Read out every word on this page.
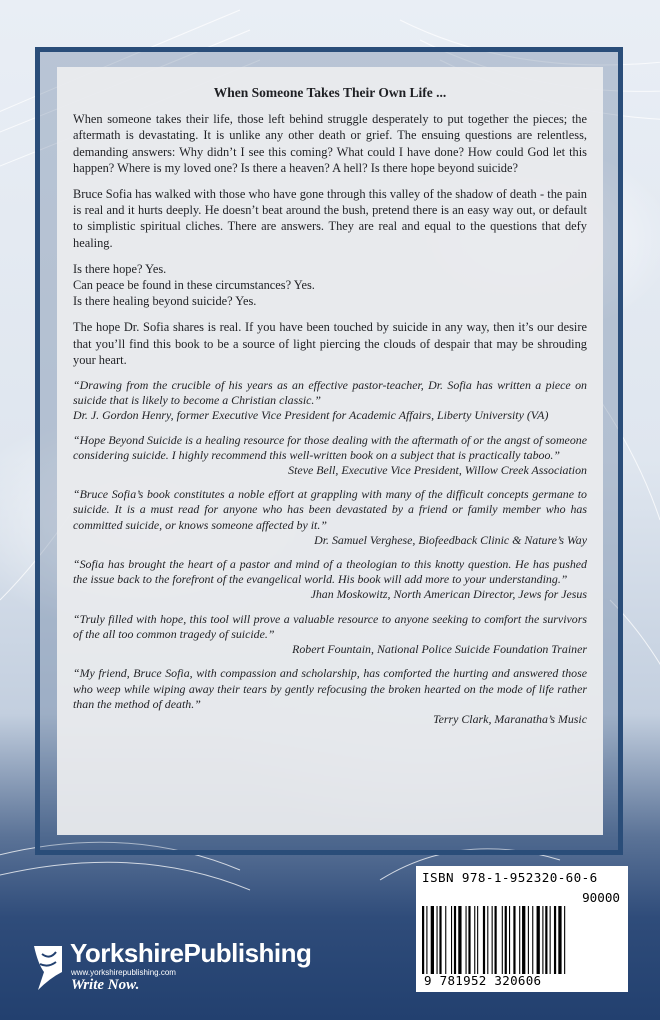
When Someone Takes Their Own Life ...

When someone takes their life, those left behind struggle desperately to put together the pieces; the aftermath is devastating. It is unlike any other death or grief. The ensuing questions are relentless, demanding answers: Why didn’t I see this coming? What could I have done? How could God let this happen? Where is my loved one? Is there a heaven? A hell? Is there hope beyond suicide?

Bruce Sofia has walked with those who have gone through this valley of the shadow of death - the pain is real and it hurts deeply. He doesn’t beat around the bush, pretend there is an easy way out, or default to simplistic spiritual cliches. There are answers. They are real and equal to the questions that defy healing.

Is there hope? Yes.
Can peace be found in these circumstances? Yes.
Is there healing beyond suicide? Yes.

The hope Dr. Sofia shares is real. If you have been touched by suicide in any way, then it’s our desire that you’ll find this book to be a source of light piercing the clouds of despair that may be shrouding your heart.

“Drawing from the crucible of his years as an effective pastor-teacher, Dr. Sofia has written a piece on suicide that is likely to become a Christian classic.”
Dr. J. Gordon Henry, former Executive Vice President for Academic Affairs, Liberty University (VA)
“Hope Beyond Suicide is a healing resource for those dealing with the aftermath of or the angst of someone considering suicide. I highly recommend this well-written book on a subject that is practically taboo.”
Steve Bell, Executive Vice President, Willow Creek Association
“Bruce Sofia’s book constitutes a noble effort at grappling with many of the difficult concepts germane to suicide. It is a must read for anyone who has been devastated by a friend or family member who has committed suicide, or knows someone affected by it.”
Dr. Samuel Verghese, Biofeedback Clinic & Nature’s Way
“Sofia has brought the heart of a pastor and mind of a theologian to this knotty question. He has pushed the issue back to the forefront of the evangelical world. His book will add more to your understanding.”
Jhan Moskowitz, North American Director, Jews for Jesus
“Truly filled with hope, this tool will prove a valuable resource to anyone seeking to comfort the survivors of the all too common tragedy of suicide.”
Robert Fountain, National Police Suicide Foundation Trainer
“My friend, Bruce Sofia, with compassion and scholarship, has comforted the hurting and answered those who weep while wiping away their tears by gently refocusing the broken hearted on the mode of life rather than the method of death.”
Terry Clark, Maranatha’s Music
ISBN 978-1-952320-60-6
90000
9 781952 320606
YorkshirePublishing
www.yorkshirepublishing.com
Write Now.
